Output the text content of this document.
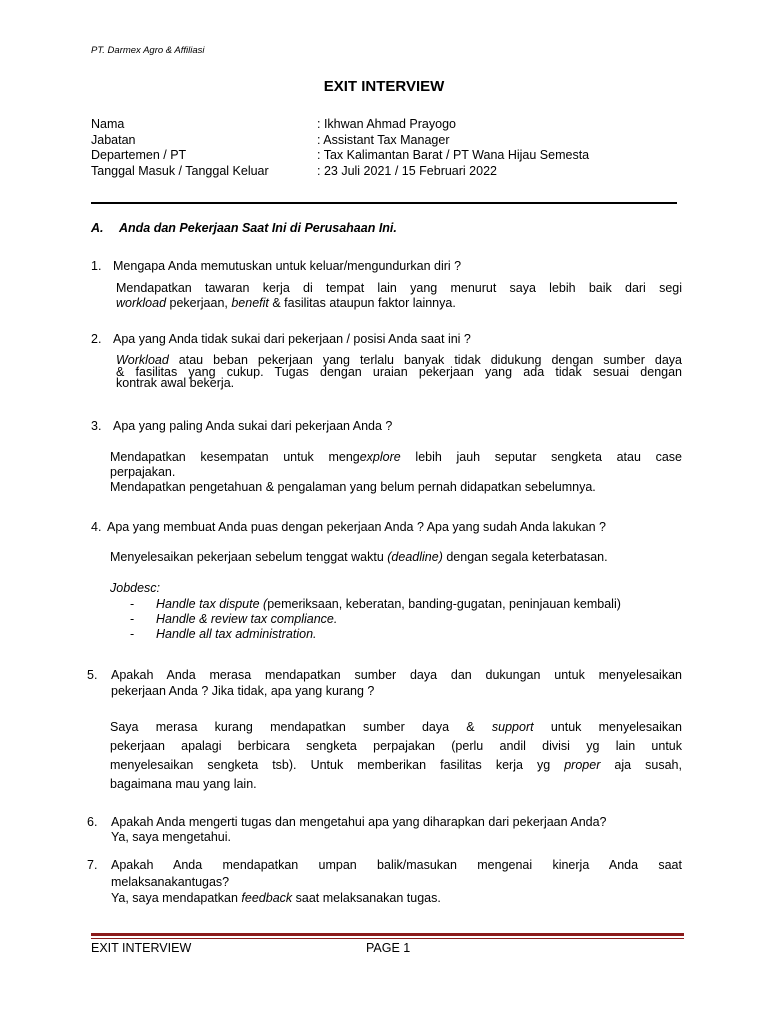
PT. Darmex Agro & Affiliasi
EXIT INTERVIEW
Nama	: Ikhwan Ahmad Prayogo
Jabatan	: Assistant Tax Manager
Departemen / PT	: Tax Kalimantan Barat / PT Wana Hijau Semesta
Tanggal Masuk / Tanggal Keluar	: 23 Juli 2021 / 15 Februari 2022
A. Anda dan Pekerjaan Saat Ini di Perusahaan Ini.
1. Mengapa Anda memutuskan untuk keluar/mengundurkan diri ?

Mendapatkan tawaran kerja di tempat lain yang menurut saya lebih baik dari segi

workload pekerjaan, benefit & fasilitas ataupun faktor lainnya.

2. Apa yang Anda tidak sukai dari pekerjaan / posisi Anda saat ini ?

Workload atau beban pekerjaan yang terlalu banyak tidak didukung dengan sumber daya

& fasilitas yang cukup. Tugas dengan uraian pekerjaan yang ada tidak sesuai dengan

kontrak awal bekerja.

3. Apa yang paling Anda sukai dari pekerjaan Anda ?

Mendapatkan kesempatan untuk mengexplore lebih jauh seputar sengketa atau case

perpajakan.

Mendapatkan pengetahuan & pengalaman yang belum pernah didapatkan sebelumnya.

4. Apa yang membuat Anda puas dengan pekerjaan Anda ? Apa yang sudah Anda lakukan ?

Menyelesaikan pekerjaan sebelum tenggat waktu (deadline) dengan segala keterbatasan.

Jobdesc:
- Handle tax dispute (pemeriksaan, keberatan, banding-gugatan, peninjauan kembali)
- Handle & review tax compliance.
- Handle all tax administration.
5. Apakah Anda merasa mendapatkan sumber daya dan dukungan untuk menyelesaikan
pekerjaan Anda ? Jika tidak, apa yang kurang ?

Saya merasa kurang mendapatkan sumber daya & support untuk menyelesaikan

pekerjaan apalagi berbicara sengketa perpajakan (perlu andil divisi yg lain untuk

menyelesaikan sengketa tsb). Untuk memberikan fasilitas kerja yg proper aja susah,

bagaimana mau yang lain.

6. Apakah Anda mengerti tugas dan mengetahui apa yang diharapkan dari pekerjaan Anda?
Ya, saya mengetahui.
7. Apakah Anda mendapatkan umpan balik/masukan mengenai kinerja Anda saat
melaksanakantugas?
Ya, saya mendapatkan feedback saat melaksanakan tugas.
EXIT INTERVIEW	PAGE 1
